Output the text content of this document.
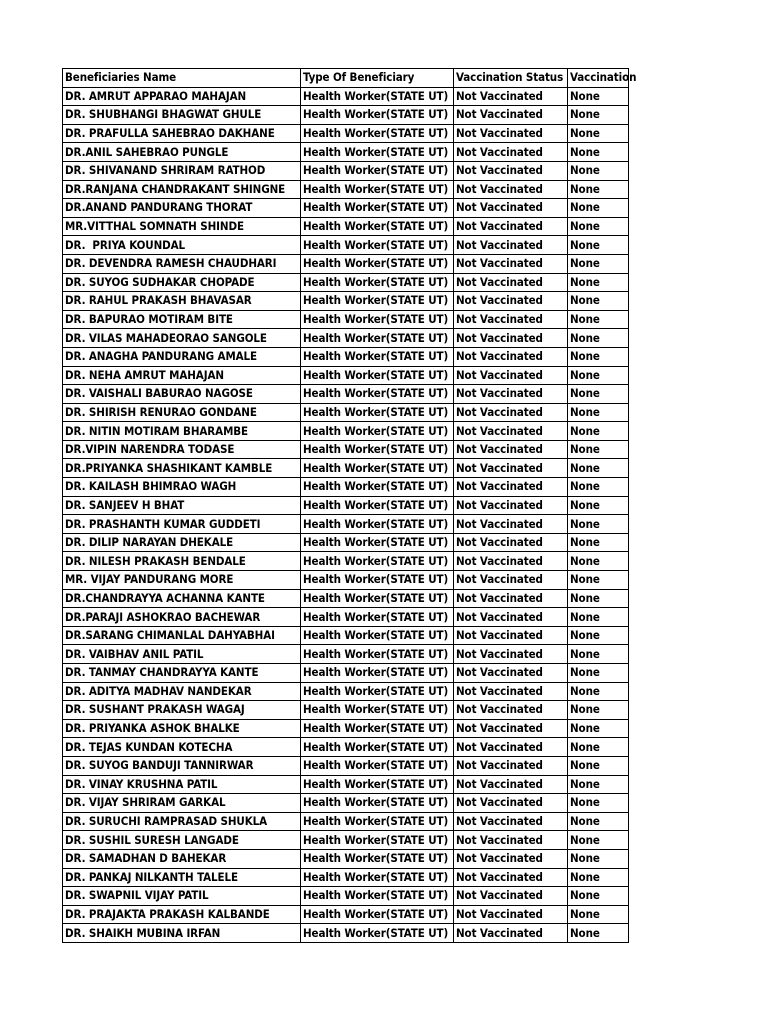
Beneficiaries Name	Type Of Beneficiary	Vaccination Status	Vaccination
DR. AMRUT APPARAO MAHAJAN	Health Worker(STATE UT)	Not Vaccinated	None
DR. SHUBHANGI BHAGWAT GHULE	Health Worker(STATE UT)	Not Vaccinated	None
DR. PRAFULLA SAHEBRAO DAKHANE	Health Worker(STATE UT)	Not Vaccinated	None
DR.ANIL SAHEBRAO PUNGLE	Health Worker(STATE UT)	Not Vaccinated	None
DR. SHIVANAND SHRIRAM RATHOD	Health Worker(STATE UT)	Not Vaccinated	None
DR.RANJANA CHANDRAKANT SHINGNE	Health Worker(STATE UT)	Not Vaccinated	None
DR.ANAND PANDURANG THORAT	Health Worker(STATE UT)	Not Vaccinated	None
MR.VITTHAL SOMNATH SHINDE	Health Worker(STATE UT)	Not Vaccinated	None
DR.  PRIYA KOUNDAL	Health Worker(STATE UT)	Not Vaccinated	None
DR. DEVENDRA RAMESH CHAUDHARI	Health Worker(STATE UT)	Not Vaccinated	None
DR. SUYOG SUDHAKAR CHOPADE	Health Worker(STATE UT)	Not Vaccinated	None
DR. RAHUL PRAKASH BHAVASAR	Health Worker(STATE UT)	Not Vaccinated	None
DR. BAPURAO MOTIRAM BITE	Health Worker(STATE UT)	Not Vaccinated	None
DR. VILAS MAHADEORAO SANGOLE	Health Worker(STATE UT)	Not Vaccinated	None
DR. ANAGHA PANDURANG AMALE	Health Worker(STATE UT)	Not Vaccinated	None
DR. NEHA AMRUT MAHAJAN	Health Worker(STATE UT)	Not Vaccinated	None
DR. VAISHALI BABURAO NAGOSE	Health Worker(STATE UT)	Not Vaccinated	None
DR. SHIRISH RENURAO GONDANE	Health Worker(STATE UT)	Not Vaccinated	None
DR. NITIN MOTIRAM BHARAMBE	Health Worker(STATE UT)	Not Vaccinated	None
DR.VIPIN NARENDRA TODASE	Health Worker(STATE UT)	Not Vaccinated	None
DR.PRIYANKA SHASHIKANT KAMBLE	Health Worker(STATE UT)	Not Vaccinated	None
DR. KAILASH BHIMRAO WAGH	Health Worker(STATE UT)	Not Vaccinated	None
DR. SANJEEV H BHAT	Health Worker(STATE UT)	Not Vaccinated	None
DR. PRASHANTH KUMAR GUDDETI	Health Worker(STATE UT)	Not Vaccinated	None
DR. DILIP NARAYAN DHEKALE	Health Worker(STATE UT)	Not Vaccinated	None
DR. NILESH PRAKASH BENDALE	Health Worker(STATE UT)	Not Vaccinated	None
MR. VIJAY PANDURANG MORE	Health Worker(STATE UT)	Not Vaccinated	None
DR.CHANDRAYYA ACHANNA KANTE	Health Worker(STATE UT)	Not Vaccinated	None
DR.PARAJI ASHOKRAO BACHEWAR	Health Worker(STATE UT)	Not Vaccinated	None
DR.SARANG CHIMANLAL DAHYABHAI	Health Worker(STATE UT)	Not Vaccinated	None
DR. VAIBHAV ANIL PATIL	Health Worker(STATE UT)	Not Vaccinated	None
DR. TANMAY CHANDRAYYA KANTE	Health Worker(STATE UT)	Not Vaccinated	None
DR. ADITYA MADHAV NANDEKAR	Health Worker(STATE UT)	Not Vaccinated	None
DR. SUSHANT PRAKASH WAGAJ	Health Worker(STATE UT)	Not Vaccinated	None
DR. PRIYANKA ASHOK BHALKE	Health Worker(STATE UT)	Not Vaccinated	None
DR. TEJAS KUNDAN KOTECHA	Health Worker(STATE UT)	Not Vaccinated	None
DR. SUYOG BANDUJI TANNIRWAR	Health Worker(STATE UT)	Not Vaccinated	None
DR. VINAY KRUSHNA PATIL	Health Worker(STATE UT)	Not Vaccinated	None
DR. VIJAY SHRIRAM GARKAL	Health Worker(STATE UT)	Not Vaccinated	None
DR. SURUCHI RAMPRASAD SHUKLA	Health Worker(STATE UT)	Not Vaccinated	None
DR. SUSHIL SURESH LANGADE	Health Worker(STATE UT)	Not Vaccinated	None
DR. SAMADHAN D BAHEKAR	Health Worker(STATE UT)	Not Vaccinated	None
DR. PANKAJ NILKANTH TALELE	Health Worker(STATE UT)	Not Vaccinated	None
DR. SWAPNIL VIJAY PATIL	Health Worker(STATE UT)	Not Vaccinated	None
DR. PRAJAKTA PRAKASH KALBANDE	Health Worker(STATE UT)	Not Vaccinated	None
DR. SHAIKH MUBINA IRFAN	Health Worker(STATE UT)	Not Vaccinated	None
